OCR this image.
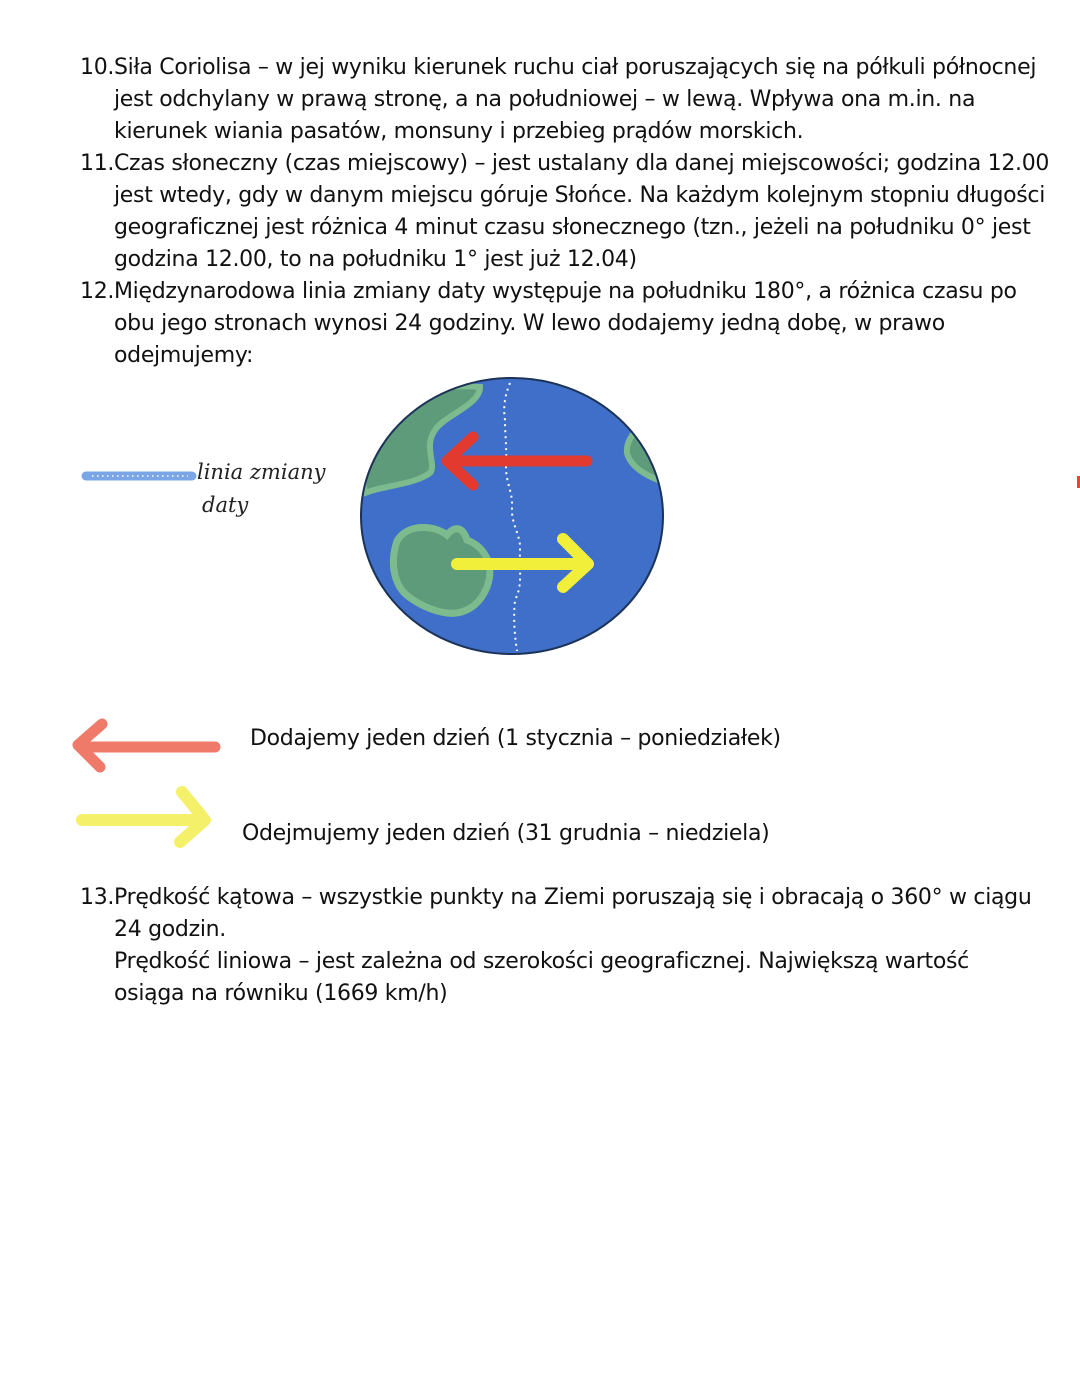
10. Siła Coriolisa – w jej wyniku kierunek ruchu ciał poruszających się na półkuli północnej
jest odchylany w prawą stronę, a na południowej – w lewą. Wpływa ona m.in. na
kierunek wiania pasatów, monsuny i przebieg prądów morskich.
11. Czas słoneczny (czas miejscowy) – jest ustalany dla danej miejscowości; godzina 12.00
jest wtedy, gdy w danym miejscu góruje Słońce. Na każdym kolejnym stopniu długości
geograficznej jest różnica 4 minut czasu słonecznego (tzn., jeżeli na południku 0° jest
godzina 12.00, to na południku 1° jest już 12.04)
12. Międzynarodowa linia zmiany daty występuje na południku 180°, a różnica czasu po
obu jego stronach wynosi 24 godziny. W lewo dodajemy jedną dobę, w prawo
odejmujemy:
linia zmiany
daty
Dodajemy jeden dzień (1 stycznia – poniedziałek)
Odejmujemy jeden dzień (31 grudnia – niedziela)
13. Prędkość kątowa – wszystkie punkty na Ziemi poruszają się i obracają o 360° w ciągu
24 godzin.
Prędkość liniowa – jest zależna od szerokości geograficznej. Największą wartość
osiąga na równiku (1669 km/h)
